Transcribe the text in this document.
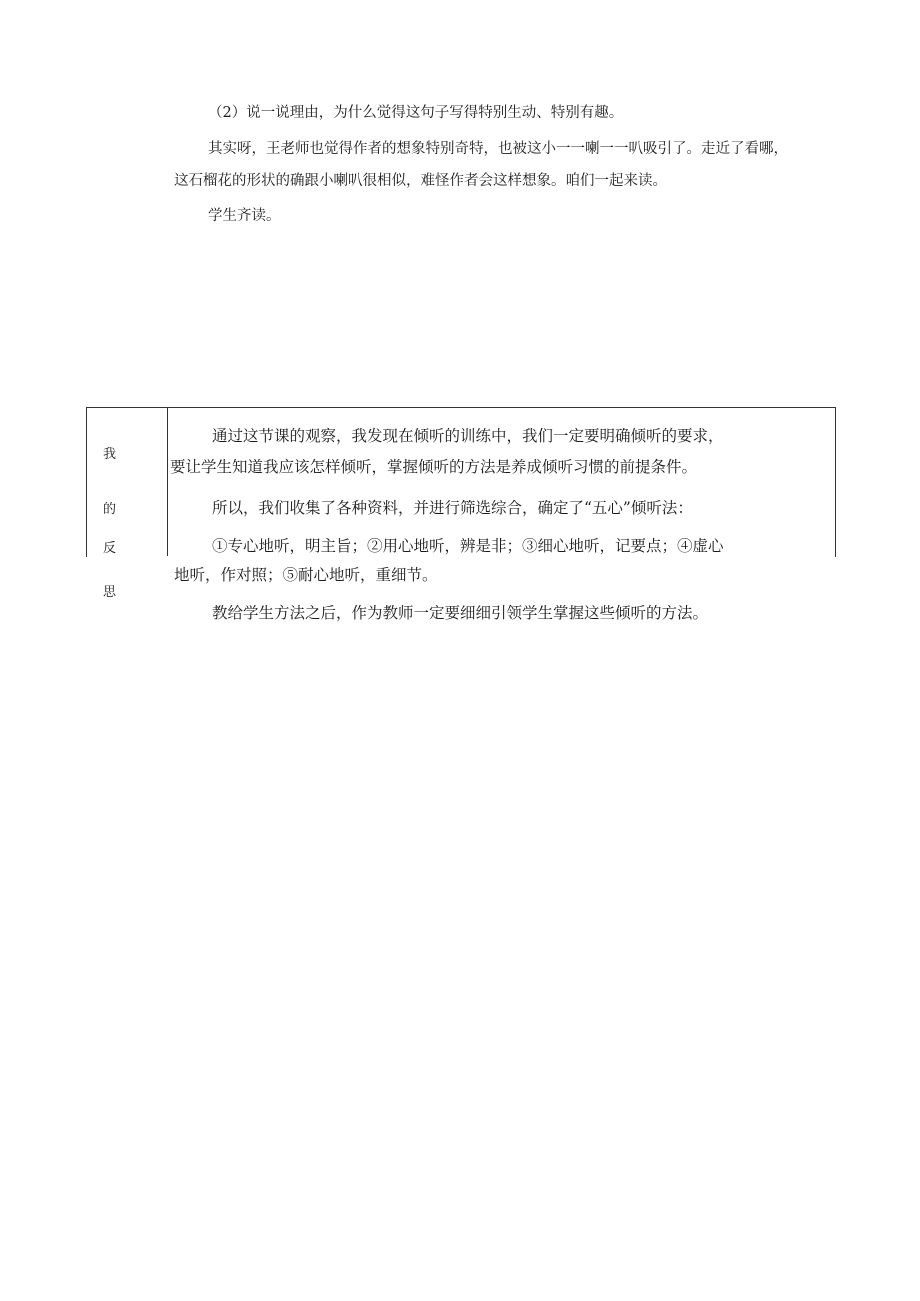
（2）说一说理由，为什么觉得这句子写得特别生动、特别有趣。

其实呀，王老师也觉得作者的想象特别奇特，也被这小一一喇一一叭吸引了。走近了看哪，

这石榴花的形状的确跟小喇叭很相似，难怪作者会这样想象。咱们一起来读。

学生齐读。

我
的
反
思

通过这节课的观察，我发现在倾听的训练中，我们一定要明确倾听的要求，

要让学生知道我应该怎样倾听，掌握倾听的方法是养成倾听习惯的前提条件。

所以，我们收集了各种资料，并进行筛选综合，确定了“五心”倾听法：

①专心地听，明主旨；②用心地听，辨是非；③细心地听，记要点；④虚心

地听，作对照；⑤耐心地听，重细节。

教给学生方法之后，作为教师一定要细细引领学生掌握这些倾听的方法。
